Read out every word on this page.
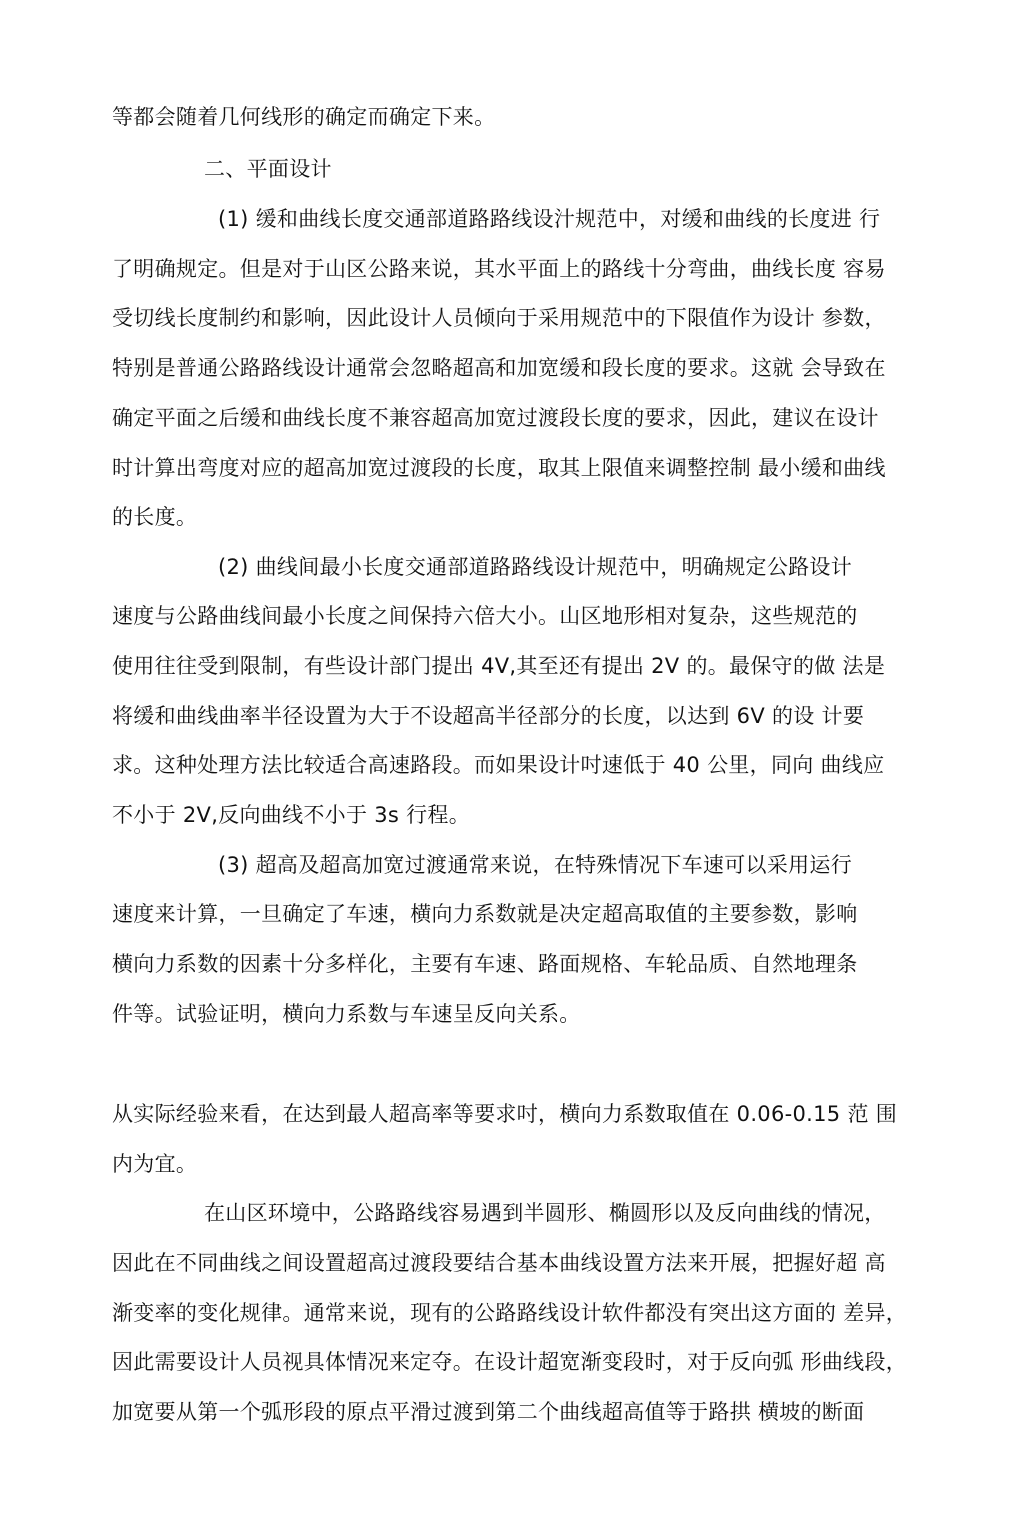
等都会随着几何线形的确定而确定下来。
二、平面设计
(1) 缓和曲线长度交通部道路路线设汁规范中，对缓和曲线的长度进 行
了明确规定。但是对于山区公路来说，其水平面上的路线十分弯曲，曲线长度 容易
受切线长度制约和影响，因此设计人员倾向于采用规范中的下限值作为设计 参数，
特别是普通公路路线设计通常会忽略超高和加宽缓和段长度的要求。这就 会导致在
确定平面之后缓和曲线长度不兼容超高加宽过渡段长度的要求，因此，建议在设计
时计算出弯度对应的超高加宽过渡段的长度，取其上限值来调整控制 最小缓和曲线
的长度。
(2) 曲线间最小长度交通部道路路线设计规范中，明确规定公路设计
速度与公路曲线间最小长度之间保持六倍大小。山区地形相对复杂，这些规范的
使用往往受到限制，有些设计部门提出 4V,其至还有提出 2V 的。最保守的做 法是
将缓和曲线曲率半径设置为大于不设超高半径部分的长度，以达到 6V 的设 计要
求。这种处理方法比较适合高速路段。而如果设计吋速低于 40 公里，同向 曲线应
不小于 2V,反向曲线不小于 3s 行程。
(3) 超高及超高加宽过渡通常来说，在特殊情况下车速可以采用运行
速度来计算，一旦确定了车速，横向力系数就是决定超高取值的主要参数，影响
横向力系数的因素十分多样化，主要有车速、路面规格、车轮品质、自然地理条
件等。试验证明，横向力系数与车速呈反向关系。
从实际经验来看，在达到最人超高率等要求吋，横向力系数取值在 0.06-0.15 范 围
内为宜。
在山区环境中，公路路线容易遇到半圆形、椭圆形以及反向曲线的情况，
因此在不同曲线之间设置超高过渡段要结合基本曲线设置方法来开展，把握好超 高
渐变率的变化规律。通常来说，现有的公路路线设计软件都没有突出这方面的 差异，
因此需要设计人员视具体情况来定夺。在设计超宽渐变段时，对于反向弧 形曲线段，
加宽要从第一个弧形段的原点平滑过渡到第二个曲线超高值等于路拱 横坡的断面
